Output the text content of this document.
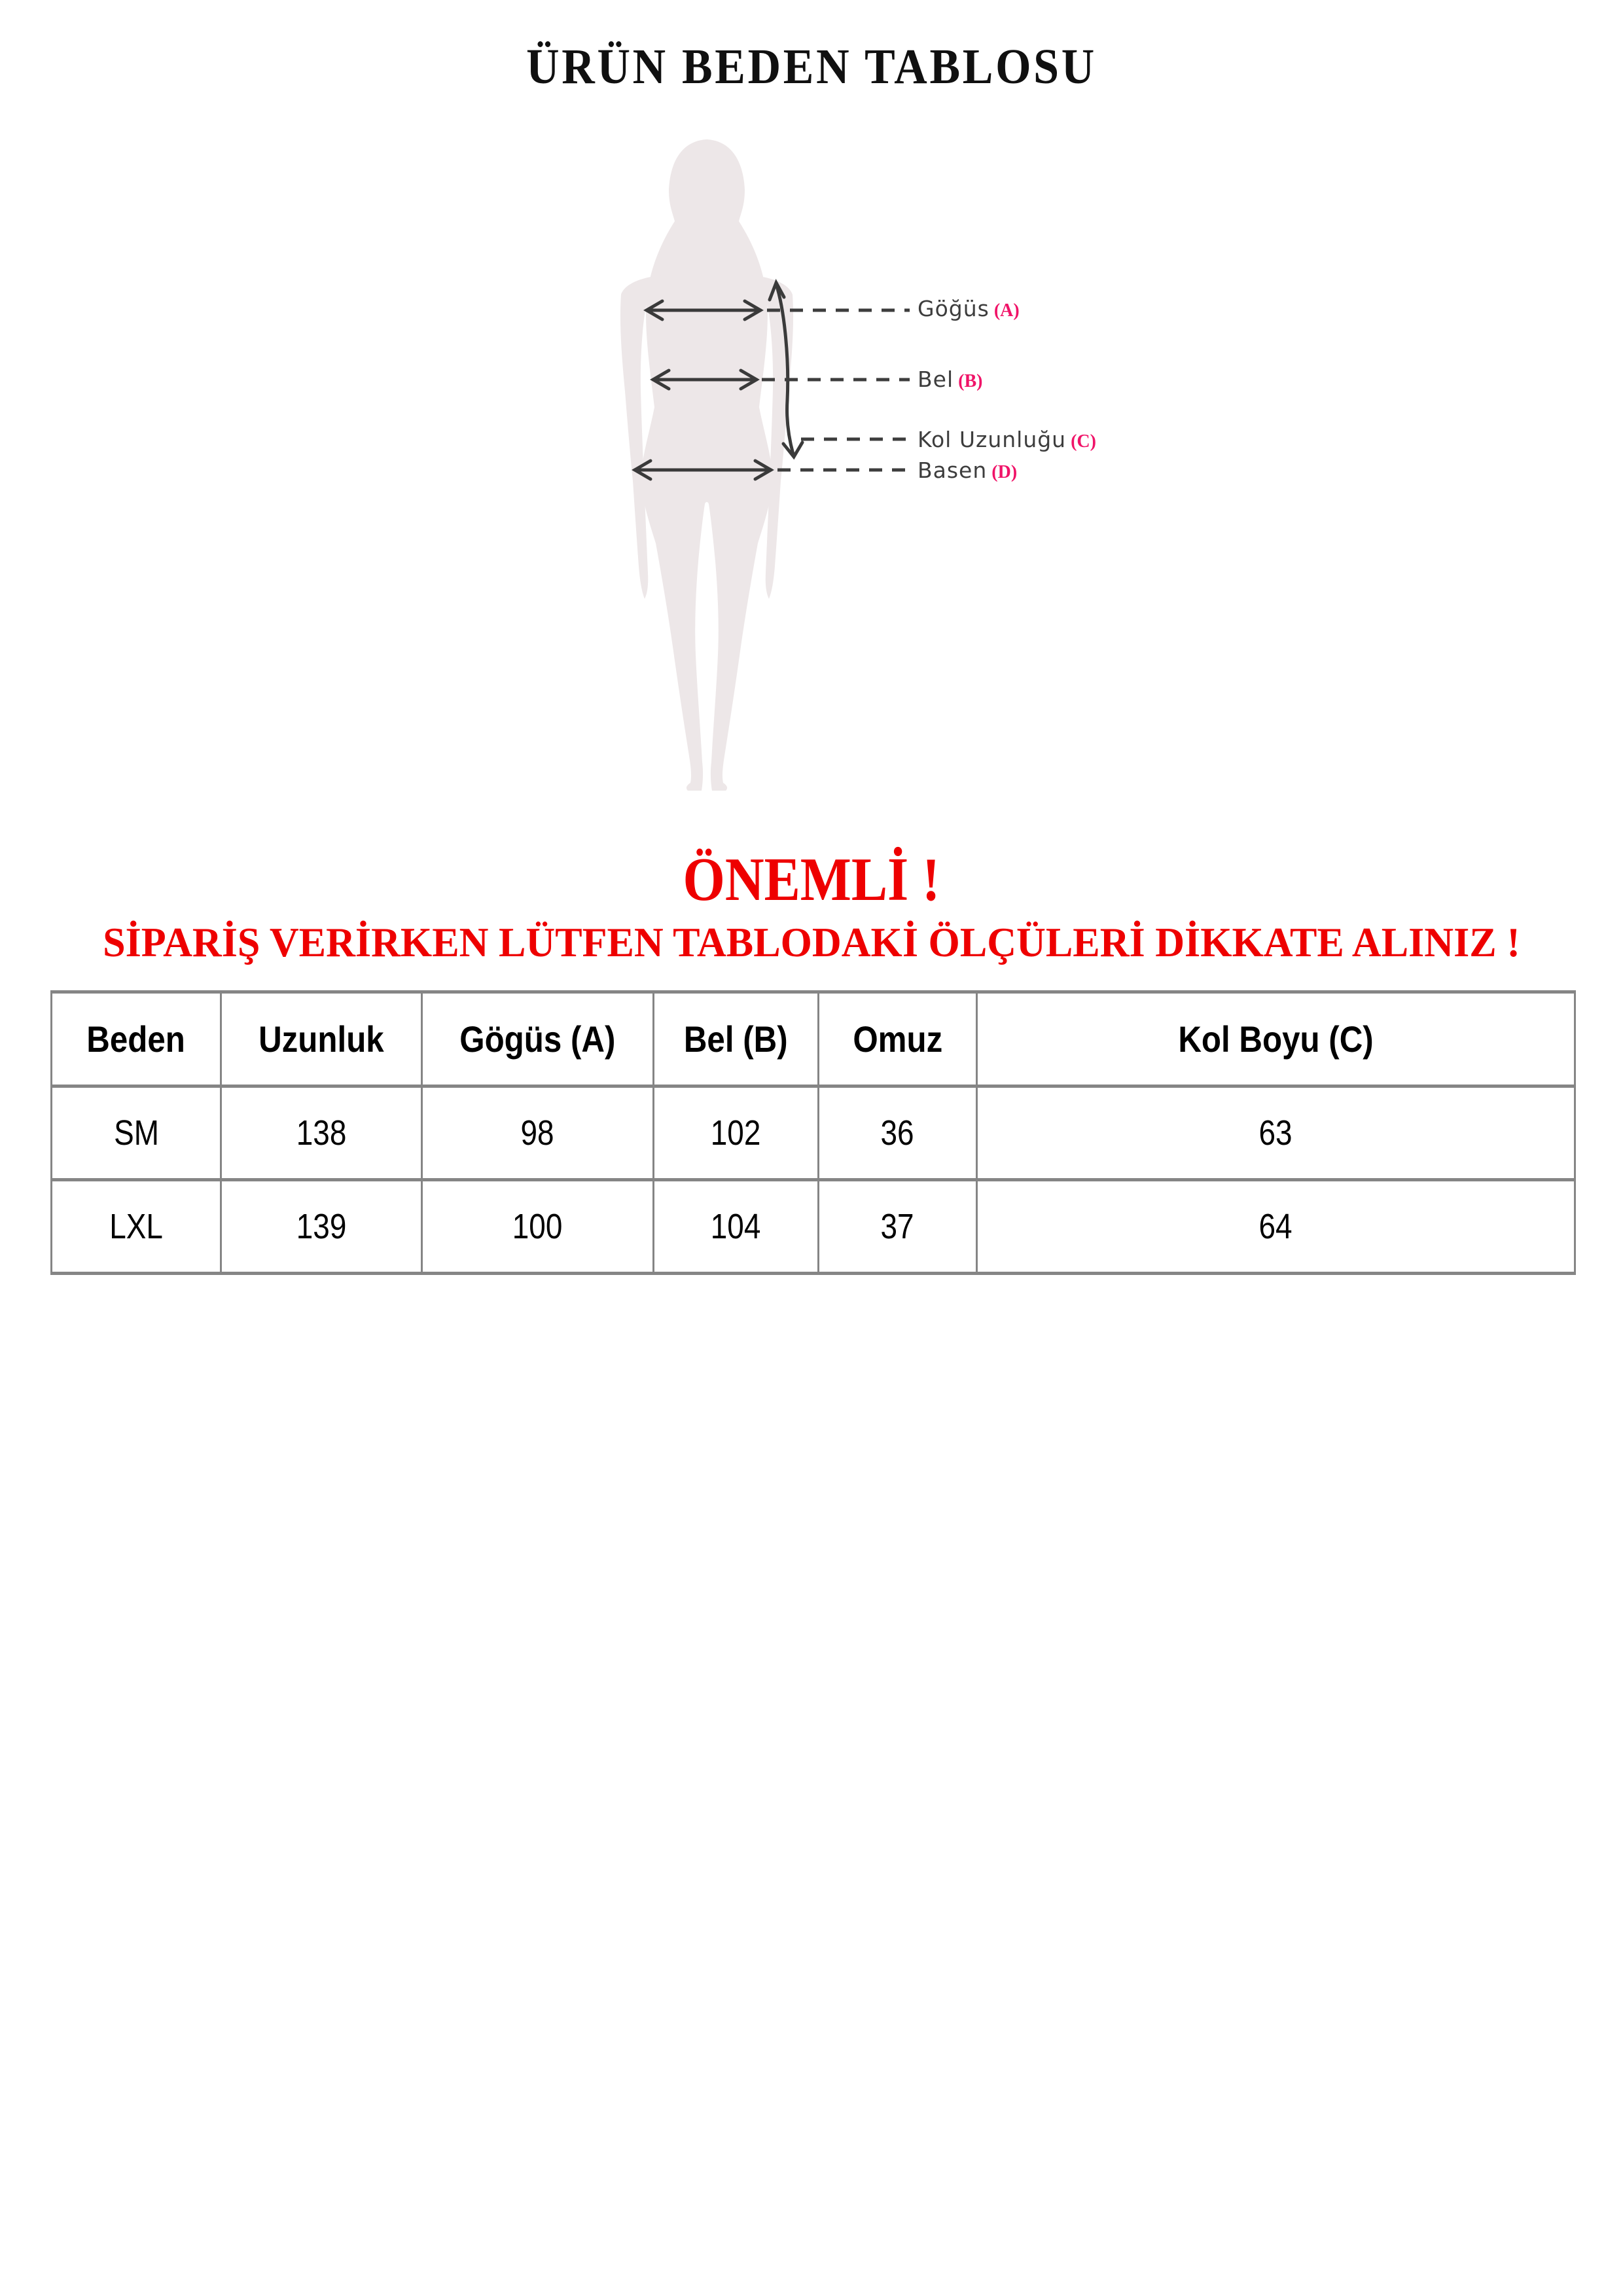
ÜRÜN BEDEN TABLOSU
Göğüs (A)
Bel (B)
Kol Uzunluğu (C)
Basen (D)
ÖNEMLİ !
SİPARİŞ VERİRKEN LÜTFEN TABLODAKİ ÖLÇÜLERİ DİKKATE ALINIZ !
Beden	Uzunluk	Gögüs (A)	Bel (B)	Omuz	Kol Boyu (C)
SM	138	98	102	36	63
LXL	139	100	104	37	64
